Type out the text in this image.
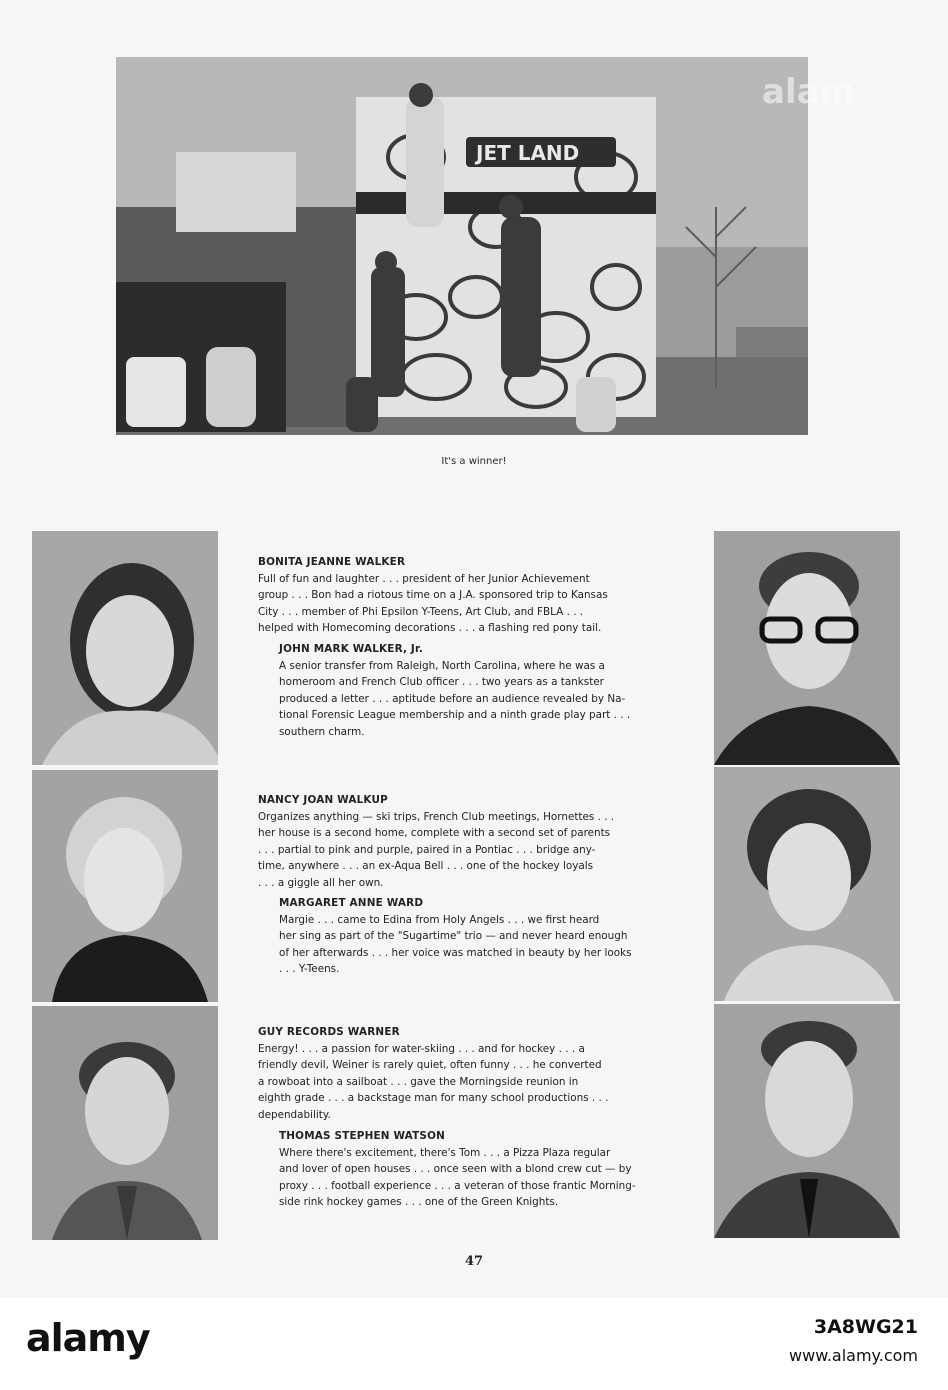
JET LAND
alam
It's a winner!
BONITA JEANNE WALKER
Full of fun and laughter . . . president of her Junior Achievement
group . . . Bon had a riotous time on a J.A. sponsored trip to Kansas
City . . . member of Phi Epsilon Y-Teens, Art Club, and FBLA . . .
helped with Homecoming decorations . . . a flashing red pony tail.
JOHN MARK WALKER, Jr.
A senior transfer from Raleigh, North Carolina, where he was a
homeroom and French Club officer . . . two years as a tankster
produced a letter . . . aptitude before an audience revealed by Na-
tional Forensic League membership and a ninth grade play part . . .
southern charm.
NANCY JOAN WALKUP
Organizes anything — ski trips, French Club meetings, Hornettes . . .
her house is a second home, complete with a second set of parents
. . . partial to pink and purple, paired in a Pontiac . . . bridge any-
time, anywhere . . . an ex-Aqua Bell . . . one of the hockey loyals
. . . a giggle all her own.
MARGARET ANNE WARD
Margie . . . came to Edina from Holy Angels . . . we first heard
her sing as part of the "Sugartime" trio — and never heard enough
of her afterwards . . . her voice was matched in beauty by her looks
. . . Y-Teens.
GUY RECORDS WARNER
Energy! . . . a passion for water-skiing . . . and for hockey . . . a
friendly devil, Weiner is rarely quiet, often funny . . . he converted
a rowboat into a sailboat . . . gave the Morningside reunion in
eighth grade . . . a backstage man for many school productions . . .
dependability.
THOMAS STEPHEN WATSON
Where there's excitement, there's Tom . . . a Pizza Plaza regular
and lover of open houses . . . once seen with a blond crew cut — by
proxy . . . football experience . . . a veteran of those frantic Morning-
side rink hockey games . . . one of the Green Knights.
47
alamy	3A8WG21
www.alamy.com
